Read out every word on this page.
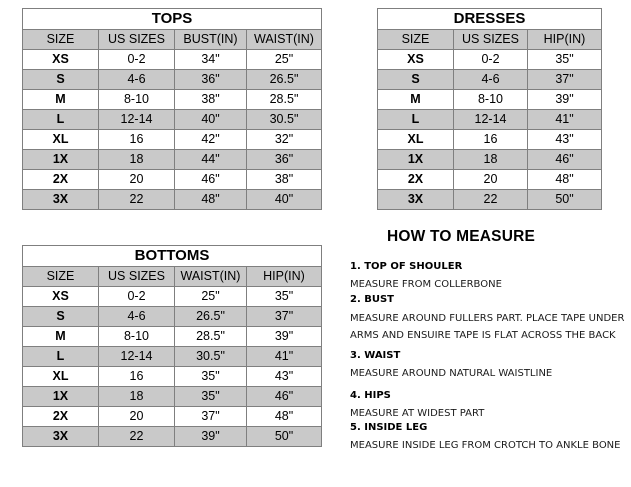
TOPS			
SIZE	US SIZES	BUST(IN)	WAIST(IN)
XS	0-2	34"	25"
S	4-6	36"	26.5"
M	8-10	38"	28.5"
L	12-14	40"	30.5"
XL	16	42"	32"
1X	18	44"	36"
2X	20	46"	38"
3X	22	48"	40"
DRESSES		
SIZE	US SIZES	HIP(IN)
XS	0-2	35"
S	4-6	37"
M	8-10	39"
L	12-14	41"
XL	16	43"
1X	18	46"
2X	20	48"
3X	22	50"
BOTTOMS			
SIZE	US SIZES	WAIST(IN)	HIP(IN)
XS	0-2	25"	35"
S	4-6	26.5"	37"
M	8-10	28.5"	39"
L	12-14	30.5"	41"
XL	16	35"	43"
1X	18	35"	46"
2X	20	37"	48"
3X	22	39"	50"
HOW TO MEASURE
1. TOP OF SHOULER
MEASURE FROM COLLERBONE
2. BUST
MEASURE AROUND FULLERS PART. PLACE TAPE UNDER
ARMS AND ENSUIRE TAPE IS FLAT ACROSS THE BACK
3. WAIST
MEASURE AROUND NATURAL WAISTLINE
4. HIPS
MEASURE AT WIDEST PART
5. INSIDE LEG
MEASURE INSIDE LEG FROM CROTCH TO ANKLE BONE
